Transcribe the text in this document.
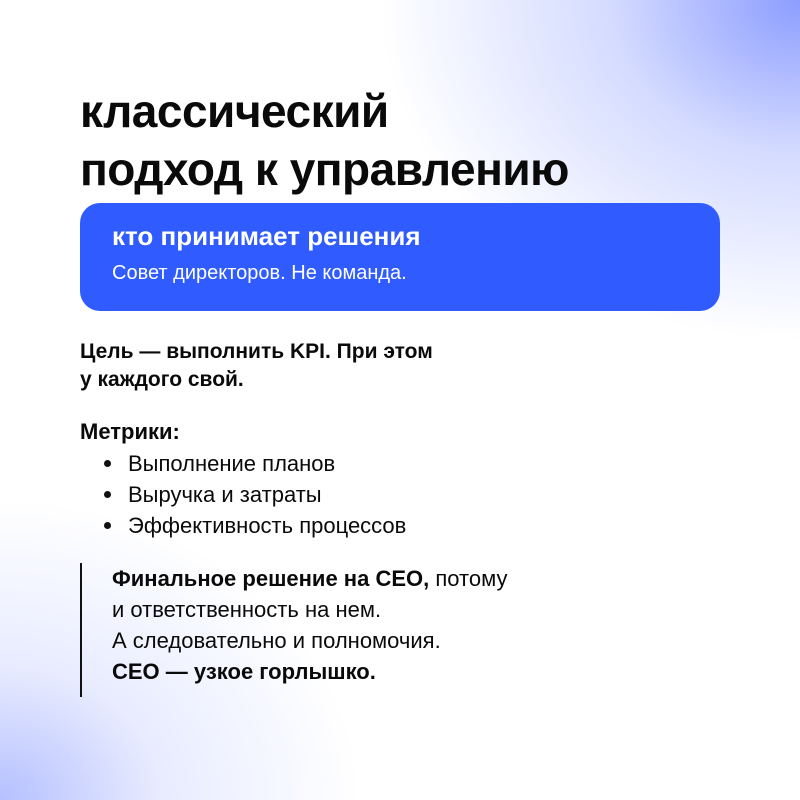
классический
подход к управлению
кто принимает решения
Совет директоров. Не команда.
Цель — выполнить KPI. При этом
у каждого свой.
Метрики:
Выполнение планов
Выручка и затраты
Эффективность процессов
Финальное решение на CEO, потому
и ответственность на нем.
А следовательно и полномочия.
CEO — узкое горлышко.
